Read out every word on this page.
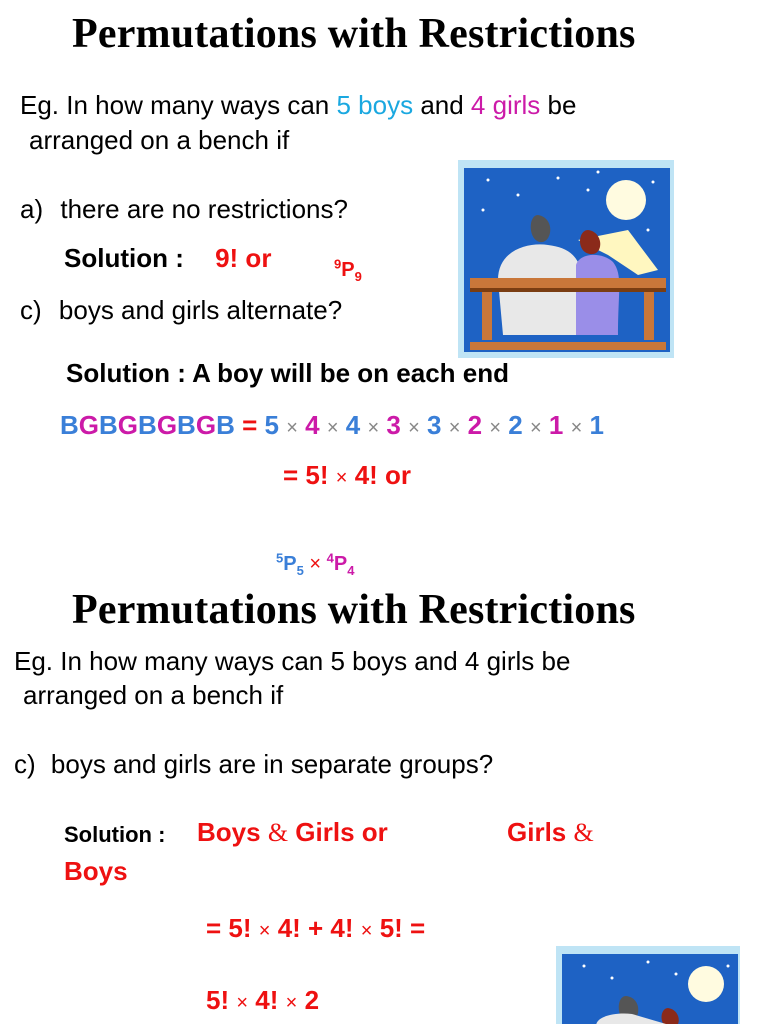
Permutations with Restrictions
Eg. In how many ways can 5 boys and 4 girls be
arranged on a bench if
a) there are no restrictions?
Solution : 9! or	$^9P_9$
c) boys and girls alternate?
Solution : A boy will be on each end
BGBGBGBGB = 5 × 4 × 4 × 3 × 3 × 2 × 2 × 1 × 1
= 5! × 4! or
$^5P_5 \times ^4P_4$
Permutations with Restrictions
Eg. In how many ways can 5 boys and 4 girls be
arranged on a bench if
c) boys and girls are in separate groups?
Solution : Boys & Girls or	Girls &
Boys
= 5! × 4! + 4! × 5! =
5! × 4! × 2
